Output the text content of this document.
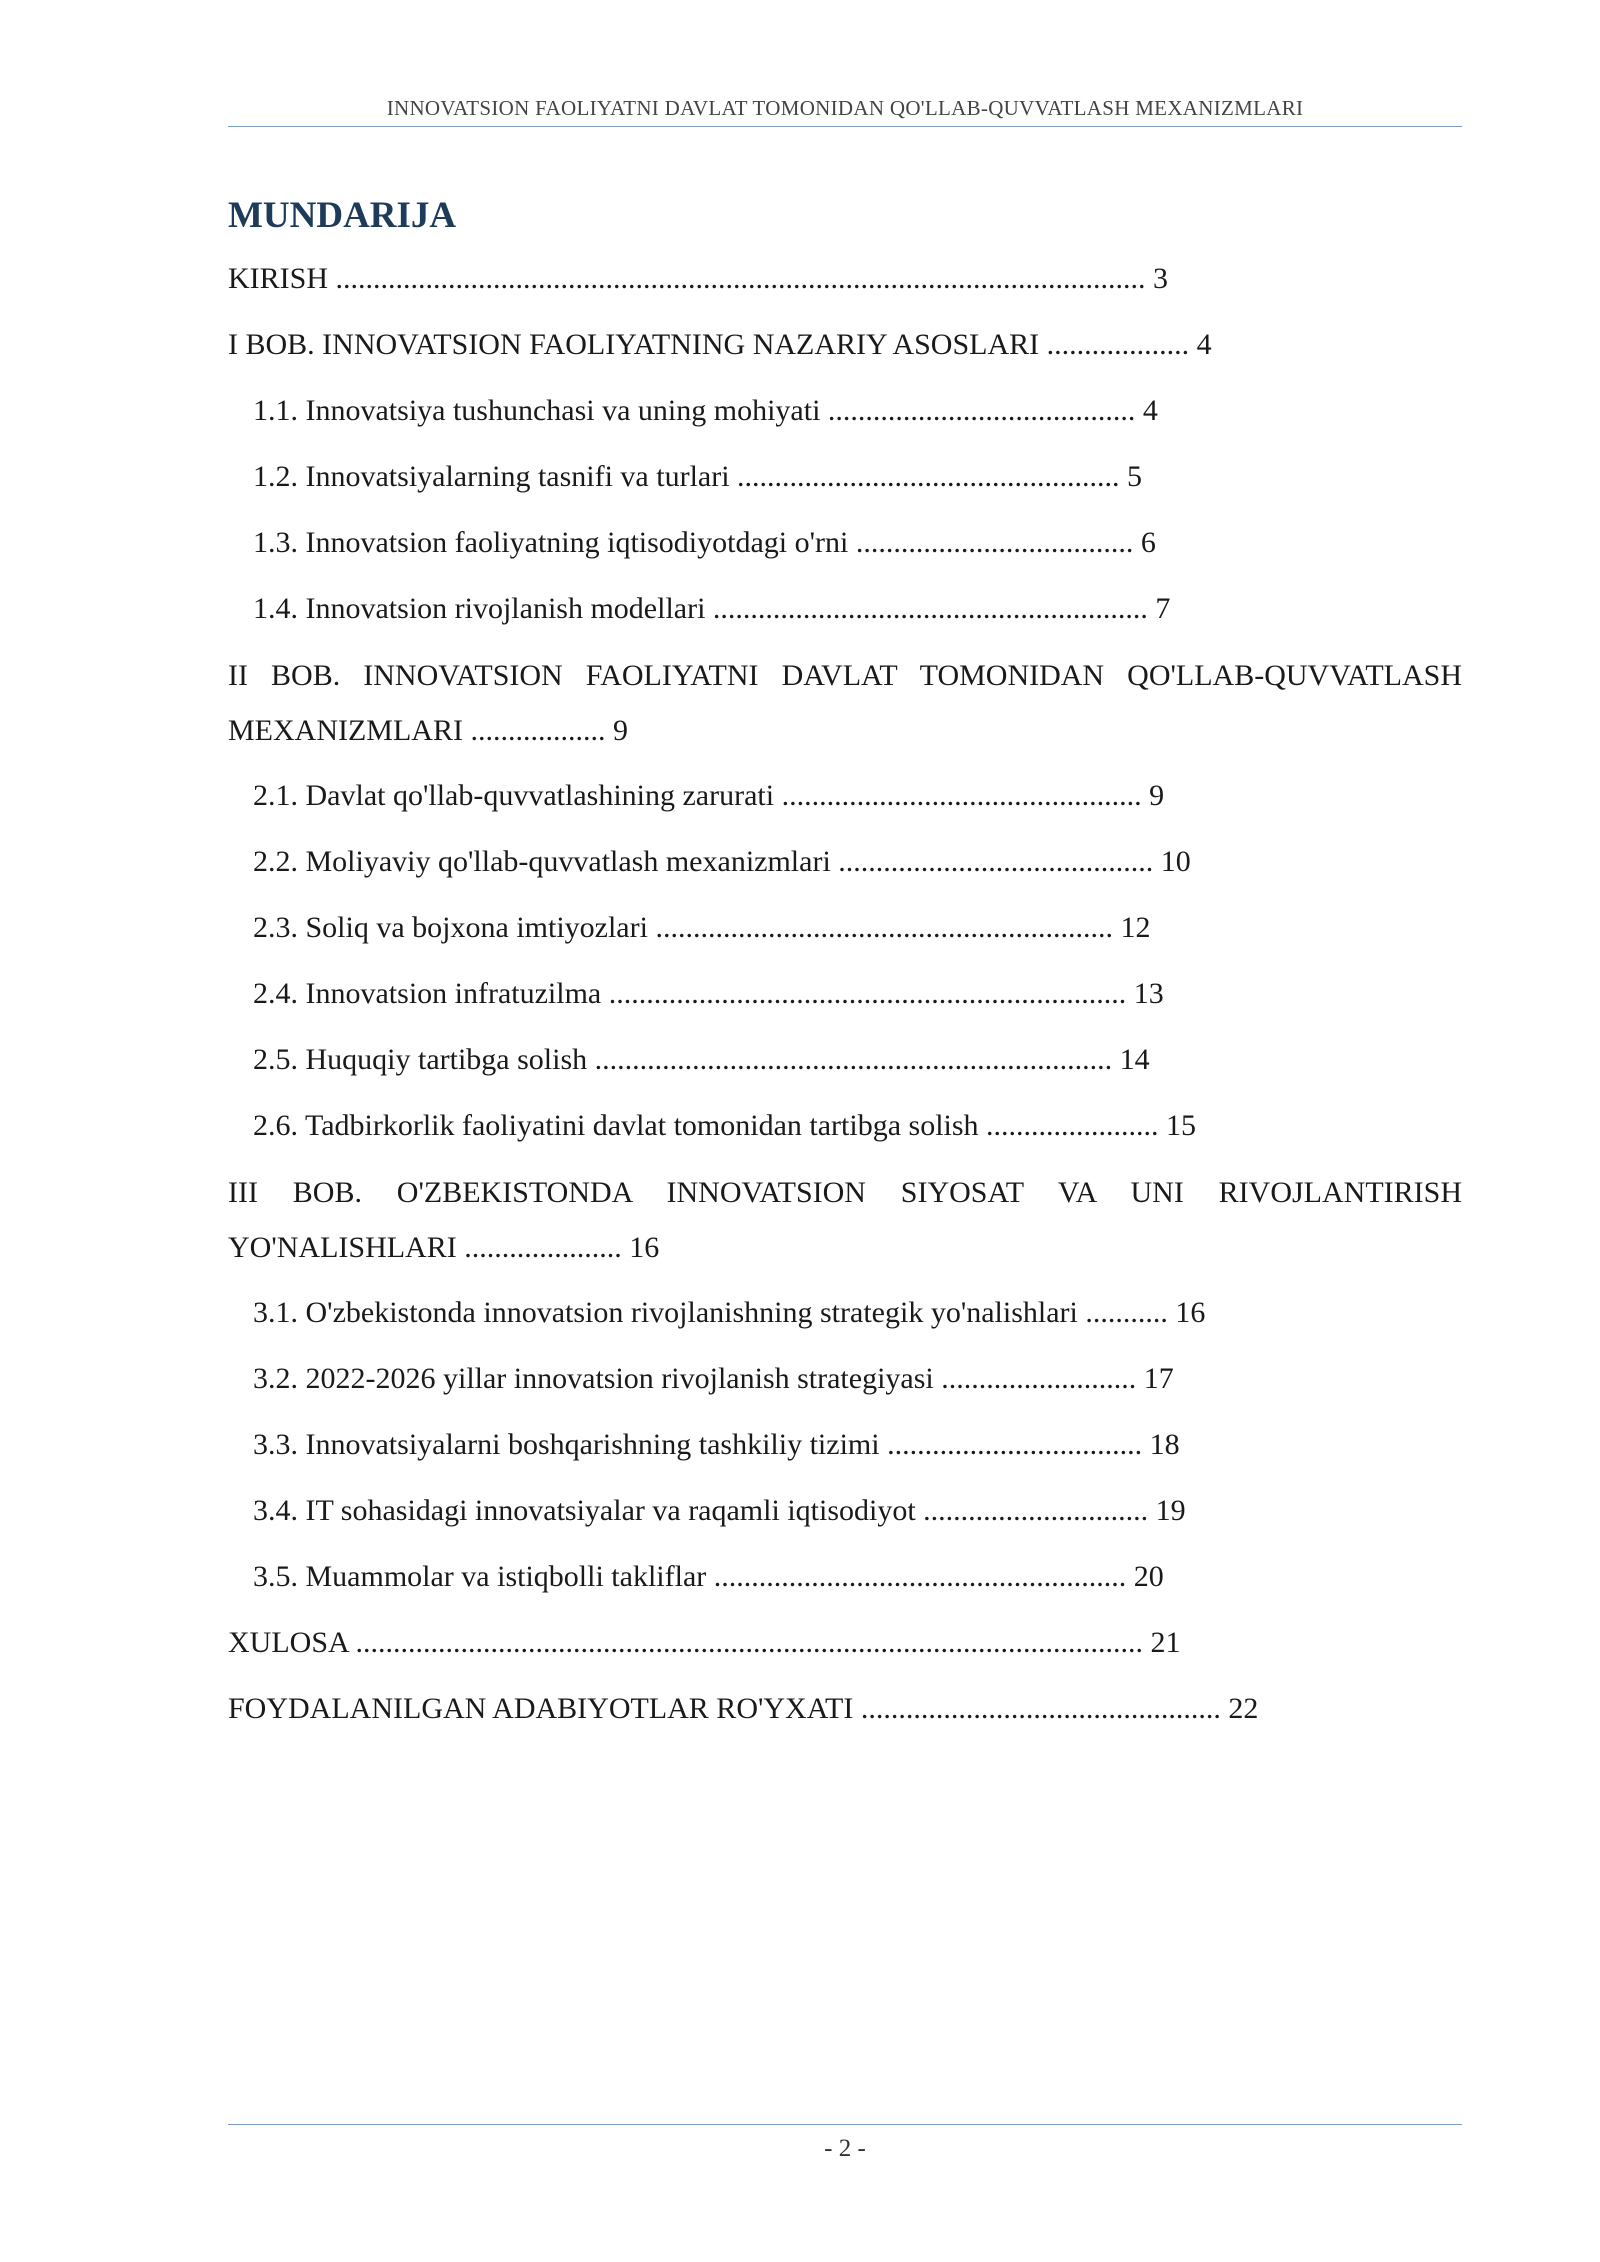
INNOVATSION FAOLIYATNI DAVLAT TOMONIDAN QO'LLAB-QUVVATLASH MEXANIZMLARI
MUNDARIJA
KIRISH ............................................................................................................ 3
I BOB. INNOVATSION FAOLIYATNING NAZARIY ASOSLARI ................... 4
1.1. Innovatsiya tushunchasi va uning mohiyati ......................................... 4
1.2. Innovatsiyalarning tasnifi va turlari ................................................... 5
1.3. Innovatsion faoliyatning iqtisodiyotdagi o'rni ..................................... 6
1.4. Innovatsion rivojlanish modellari .......................................................... 7
II BOB. INNOVATSION FAOLIYATNI DAVLAT TOMONIDAN QO'LLAB-QUVVATLASH MEXANIZMLARI .................. 9
2.1. Davlat qo'llab-quvvatlashining zarurati ................................................ 9
2.2. Moliyaviy qo'llab-quvvatlash mexanizmlari .......................................... 10
2.3. Soliq va bojxona imtiyozlari ............................................................. 12
2.4. Innovatsion infratuzilma ..................................................................... 13
2.5. Huquqiy tartibga solish ..................................................................... 14
2.6. Tadbirkorlik faoliyatini davlat tomonidan tartibga solish ....................... 15
III BOB. O'ZBEKISTONDA INNOVATSION SIYOSAT VA UNI RIVOJLANTIRISH YO'NALISHLARI ..................... 16
3.1. O'zbekistonda innovatsion rivojlanishning strategik yo'nalishlari ........... 16
3.2. 2022-2026 yillar innovatsion rivojlanish strategiyasi .......................... 17
3.3. Innovatsiyalarni boshqarishning tashkiliy tizimi .................................. 18
3.4. IT sohasidagi innovatsiyalar va raqamli iqtisodiyot .............................. 19
3.5. Muammolar va istiqbolli takliflar ....................................................... 20
XULOSA ......................................................................................................... 21
FOYDALANILGAN ADABIYOTLAR RO'YXATI ................................................ 22
- 2 -
